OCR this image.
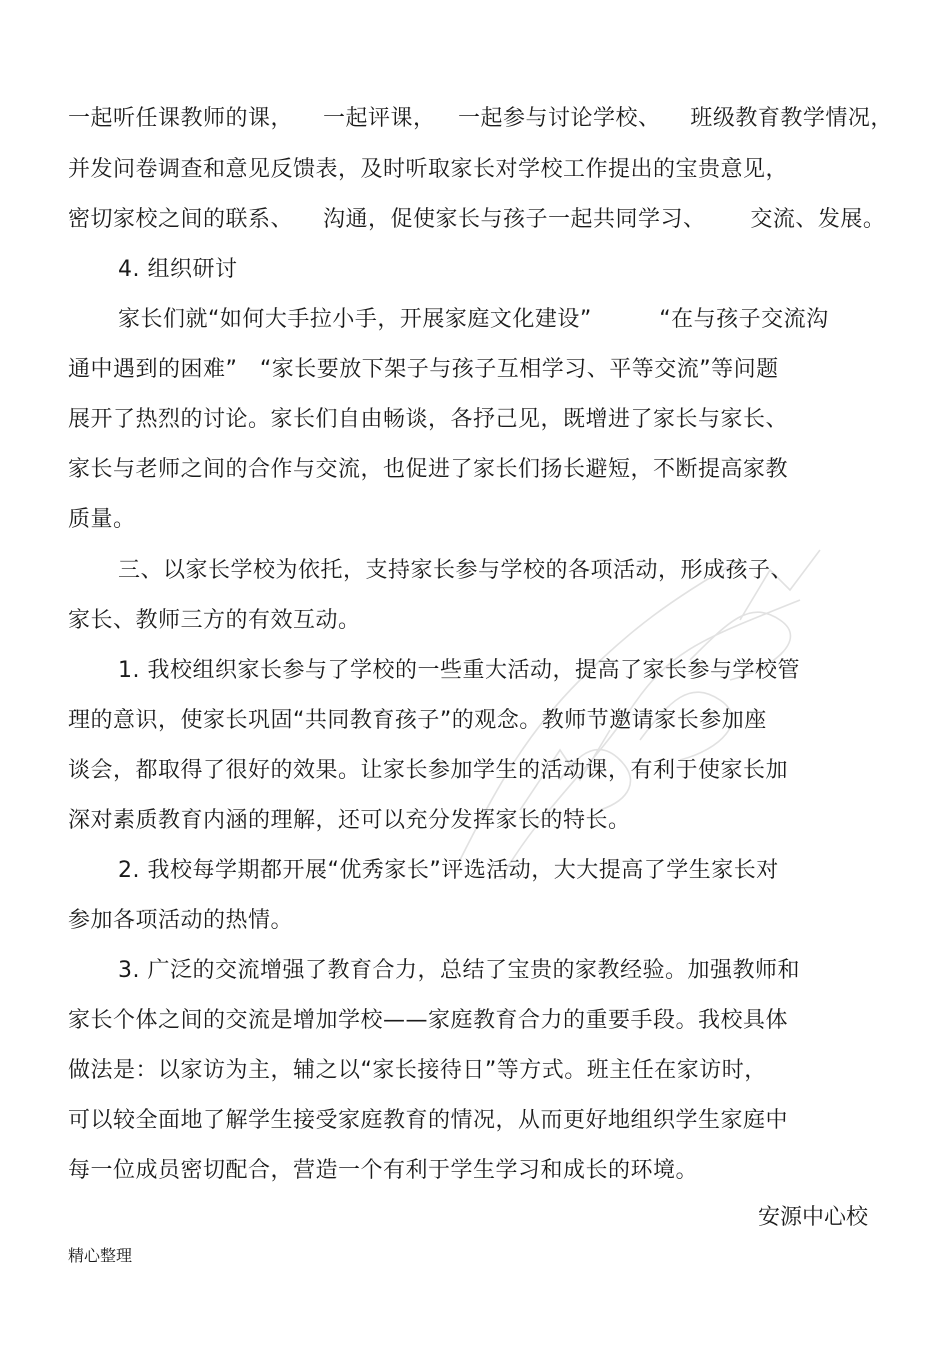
一起听任课教师的课，    一起评课，   一起参与讨论学校、    班级教育教学情况，
并发问卷调查和意见反馈表，及时听取家长对学校工作提出的宝贵意见，
密切家校之间的联系、    沟通，促使家长与孩子一起共同学习、      交流、发展。
4. 组织研讨
家长们就“如何大手拉小手，开展家庭文化建设”         “在与孩子交流沟
通中遇到的困难”   “家长要放下架子与孩子互相学习、平等交流”等问题
展开了热烈的讨论。家长们自由畅谈，各抒己见，既增进了家长与家长、
家长与老师之间的合作与交流，也促进了家长们扬长避短，不断提高家教
质量。
三、以家长学校为依托，支持家长参与学校的各项活动，形成孩子、
家长、教师三方的有效互动。
1. 我校组织家长参与了学校的一些重大活动，提高了家长参与学校管
理的意识，使家长巩固“共同教育孩子”的观念。教师节邀请家长参加座
谈会，都取得了很好的效果。让家长参加学生的活动课，有利于使家长加
深对素质教育内涵的理解，还可以充分发挥家长的特长。
2. 我校每学期都开展“优秀家长”评选活动，大大提高了学生家长对
参加各项活动的热情。
3. 广泛的交流增强了教育合力，总结了宝贵的家教经验。加强教师和
家长个体之间的交流是增加学校——家庭教育合力的重要手段。我校具体
做法是：以家访为主，辅之以“家长接待日”等方式。班主任在家访时，
可以较全面地了解学生接受家庭教育的情况，从而更好地组织学生家庭中
每一位成员密切配合，营造一个有利于学生学习和成长的环境。
安源中心校
精心整理
